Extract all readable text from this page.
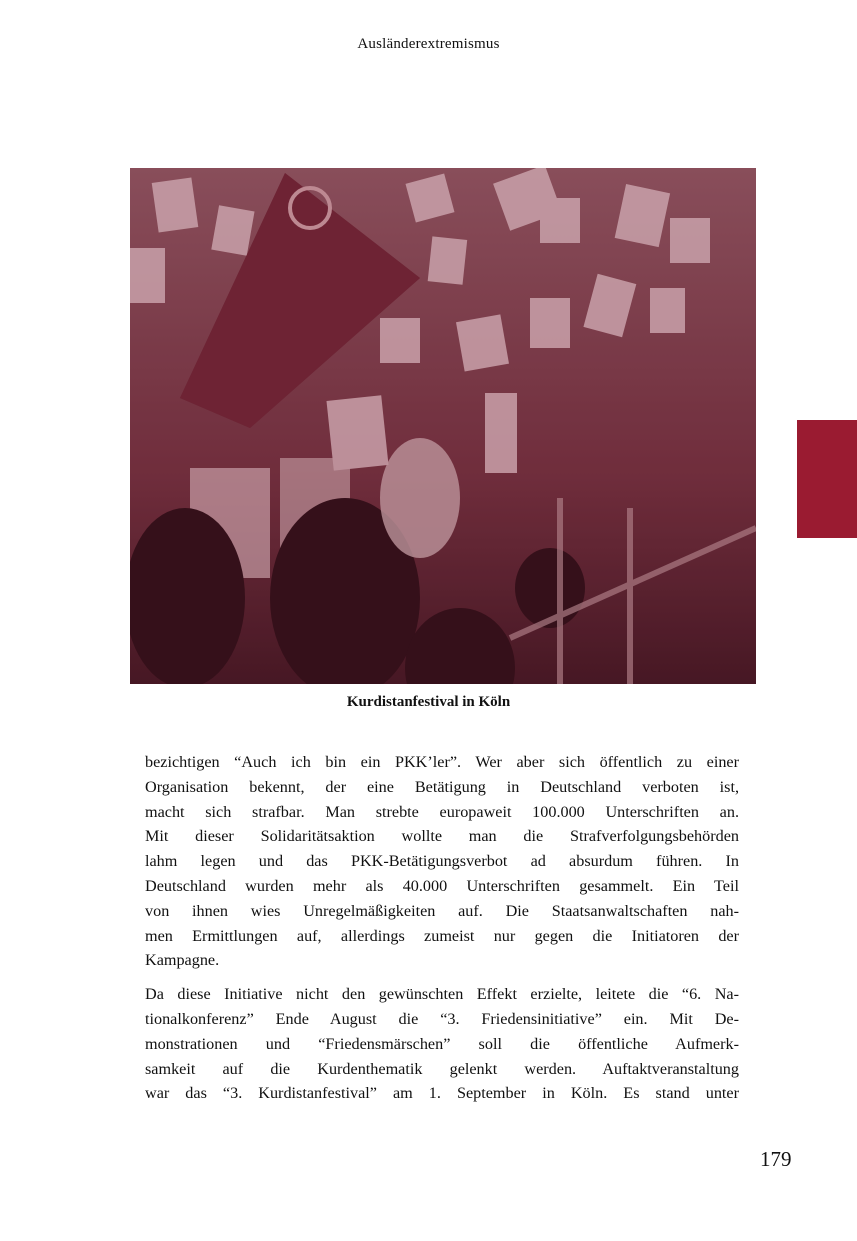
Ausländerextremismus
Kurdistanfestival in Köln

bezichtigen “Auch ich bin ein PKK’ler”. Wer aber sich öffentlich zu einer
Organisation bekennt, der eine Betätigung in Deutschland verboten ist,
macht sich strafbar. Man strebte europaweit 100.000 Unterschriften an.
Mit dieser Solidaritätsaktion wollte man die Strafverfolgungsbehörden
lahm legen und das PKK-Betätigungsverbot ad absurdum führen. In
Deutschland wurden mehr als 40.000 Unterschriften gesammelt. Ein Teil
von ihnen wies Unregelmäßigkeiten auf. Die Staatsanwaltschaften nah-
men Ermittlungen auf, allerdings zumeist nur gegen die Initiatoren der
Kampagne.

Da diese Initiative nicht den gewünschten Effekt erzielte, leitete die “6. Na-
tionalkonferenz” Ende August die “3. Friedensinitiative” ein. Mit De-
monstrationen und “Friedensmärschen” soll die öffentliche Aufmerk-
samkeit auf die Kurdenthematik gelenkt werden. Auftaktveranstaltung
war das “3. Kurdistanfestival” am 1. September in Köln. Es stand unter

179
